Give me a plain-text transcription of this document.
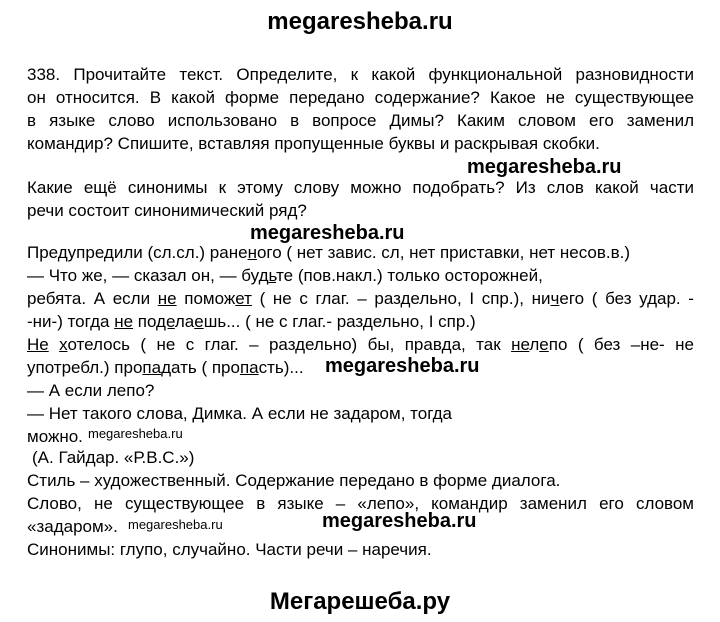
megaresheba.ru
338. Прочитайте текст. Определите, к какой функциональной разновидности
он относится. В какой форме передано содержание? Какое не существующее
в языке слово использовано в вопросе Димы? Каким словом его заменил
командир? Спишите, вставляя пропущенные буквы и раскрывая скобки.
megaresheba.ru
Какие ещё синонимы к этому слову можно подобрать? Из слов какой части
речи состоит синонимический ряд?
megaresheba.ru
Предупредили (сл.сл.) раненого ( нет завис. сл, нет приставки, нет несов.в.)
— Что же, — сказал он, — будьте (пов.накл.) только осторожней,
ребята. А если не поможет ( не с глаг. – раздельно, I спр.), ничего ( без удар. -
-ни-) тогда не поделаешь... ( не с глаг.- раздельно, I спр.)
Не хотелось ( не с глаг. – раздельно) бы, правда, так нелепо ( без –не- не
употребл.) пропадать ( пропасть)... megaresheba.ru
— А если лепо?
— Нет такого слова, Димка. А если не задаром, тогда
можно. megaresheba.ru
(А. Гайдар. «Р.В.С.»)
Стиль – художественный. Содержание передано в форме диалога.
Слово, не существующее в языке – «лепо», командир заменил его словом
«задаром». megaresheba.ru	megaresheba.ru
Синонимы: глупо, случайно. Части речи – наречия.
Мегарешеба.ру
